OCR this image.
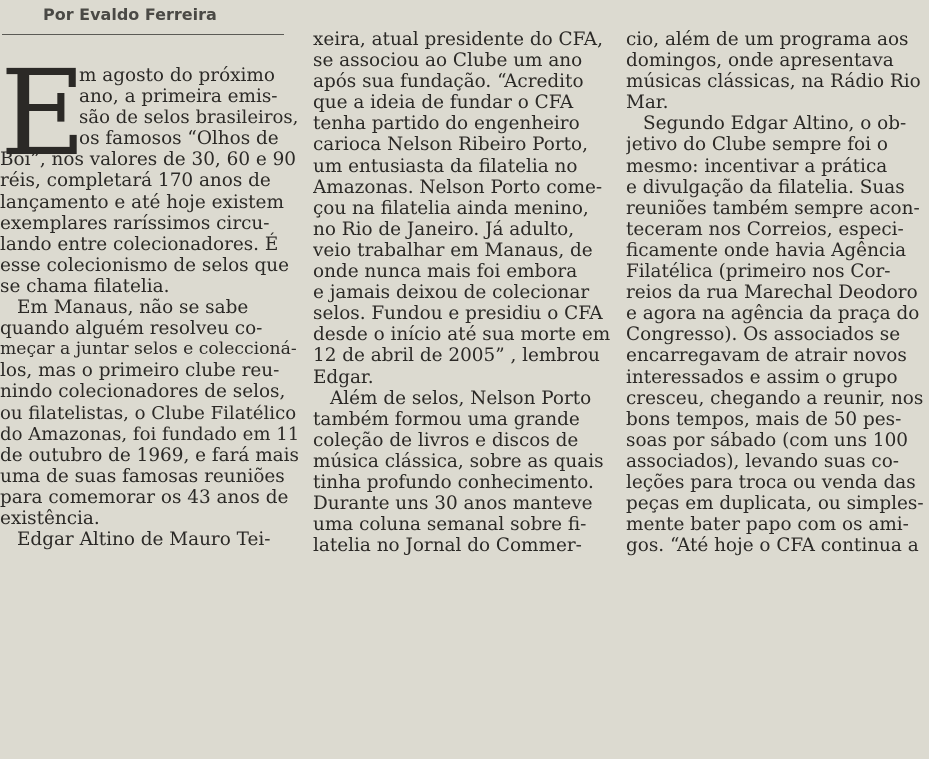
Por Evaldo Ferreira
E

m agosto do próximo

ano, a primeira emis-

são de selos brasileiros,

os famosos “Olhos de

Boi”, nos valores de 30, 60 e 90

réis, completará 170 anos de

lançamento e até hoje existem

exemplares raríssimos circu-

lando entre colecionadores. É

esse colecionismo de selos que

se chama filatelia.

Em Manaus, não se sabe

quando alguém resolveu co-

meçar a juntar selos e coleccioná-

los, mas o primeiro clube reu-

nindo colecionadores de selos,

ou filatelistas, o Clube Filatélico

do Amazonas, foi fundado em 11

de outubro de 1969, e fará mais

uma de suas famosas reuniões

para comemorar os 43 anos de

existência.

Edgar Altino de Mauro Tei-

xeira, atual presidente do CFA,

se associou ao Clube um ano

após sua fundação. “Acredito

que a ideia de fundar o CFA

tenha partido do engenheiro

carioca Nelson Ribeiro Porto,

um entusiasta da filatelia no

Amazonas. Nelson Porto come-

çou na filatelia ainda menino,

no Rio de Janeiro. Já adulto,

veio trabalhar em Manaus, de

onde nunca mais foi embora

e jamais deixou de colecionar

selos. Fundou e presidiu o CFA

desde o início até sua morte em

12 de abril de 2005” , lembrou

Edgar.

Além de selos, Nelson Porto

também formou uma grande

coleção de livros e discos de

música clássica, sobre as quais

tinha profundo conhecimento.

Durante uns 30 anos manteve

uma coluna semanal sobre fi-

latelia no Jornal do Commer-

cio, além de um programa aos

domingos, onde apresentava

músicas clássicas, na Rádio Rio

Mar.

Segundo Edgar Altino, o ob-

jetivo do Clube sempre foi o

mesmo: incentivar a prática

e divulgação da filatelia. Suas

reuniões também sempre acon-

teceram nos Correios, especi-

ficamente onde havia Agência

Filatélica (primeiro nos Cor-

reios da rua Marechal Deodoro

e agora na agência da praça do

Congresso). Os associados se

encarregavam de atrair novos

interessados e assim o grupo

cresceu, chegando a reunir, nos

bons tempos, mais de 50 pes-

soas por sábado (com uns 100

associados), levando suas co-

leções para troca ou venda das

peças em duplicata, ou simples-

mente bater papo com os ami-

gos. “Até hoje o CFA continua a
